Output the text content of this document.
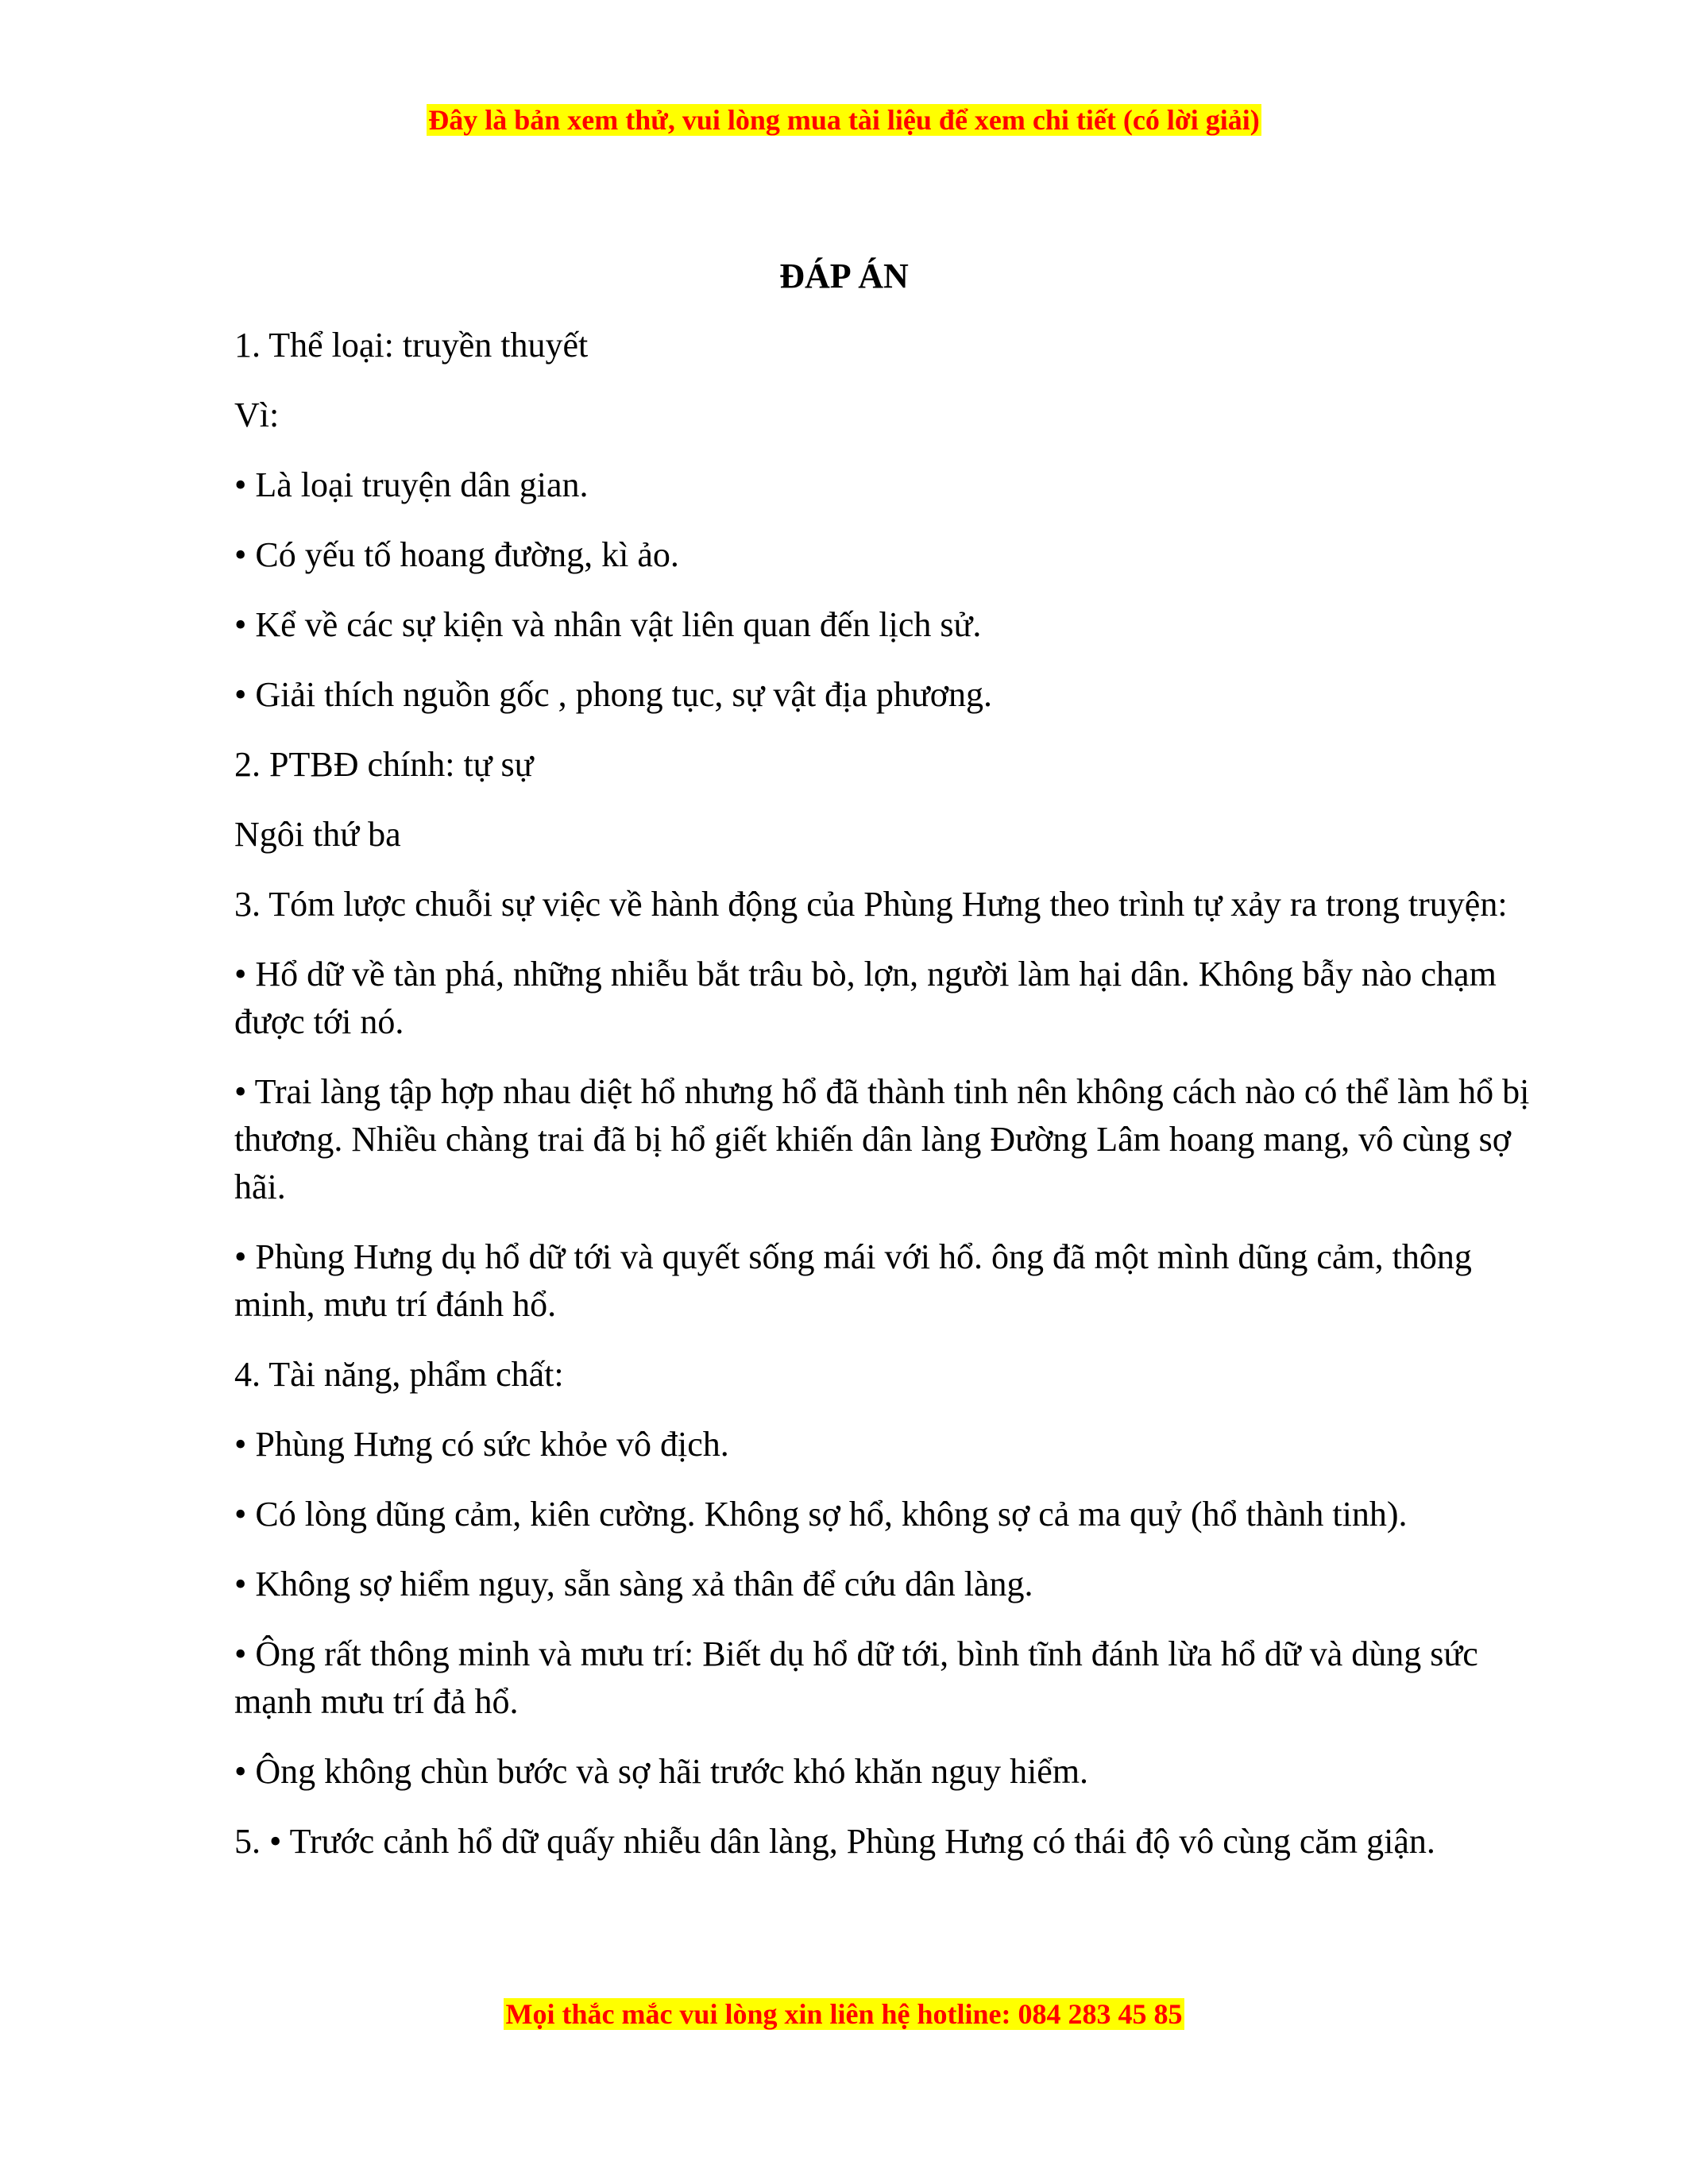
Đây là bản xem thử, vui lòng mua tài liệu để xem chi tiết (có lời giải)
ĐÁP ÁN

1. Thể loại: truyền thuyết

Vì:

• Là loại truyện dân gian.

• Có yếu tố hoang đường, kì ảo.

• Kể về các sự kiện và nhân vật liên quan đến lịch sử.

• Giải thích nguồn gốc , phong tục, sự vật địa phương.

2. PTBĐ chính: tự sự

Ngôi thứ ba

3. Tóm lược chuỗi sự việc về hành động của Phùng Hưng theo trình tự xảy ra trong truyện:

• Hổ dữ về tàn phá, những nhiễu bắt trâu bò, lợn, người làm hại dân. Không bẫy nào chạm được tới nó.

• Trai làng tập hợp nhau diệt hổ nhưng hổ đã thành tinh nên không cách nào có thể làm hổ bị thương. Nhiều chàng trai đã bị hổ giết khiến dân làng Đường Lâm hoang mang, vô cùng sợ hãi.

• Phùng Hưng dụ hổ dữ tới và quyết sống mái với hổ. ông đã một mình dũng cảm, thông minh, mưu trí đánh hổ.

4. Tài năng, phẩm chất:

• Phùng Hưng có sức khỏe vô địch.

• Có lòng dũng cảm, kiên cường. Không sợ hổ, không sợ cả ma quỷ (hổ thành tinh).

• Không sợ hiểm nguy, sẵn sàng xả thân để cứu dân làng.

• Ông rất thông minh và mưu trí: Biết dụ hổ dữ tới, bình tĩnh đánh lừa hổ dữ và dùng sức mạnh mưu trí đả hổ.

• Ông không chùn bước và sợ hãi trước khó khăn nguy hiểm.

5. • Trước cảnh hổ dữ quấy nhiễu dân làng, Phùng Hưng có thái độ vô cùng căm giận.

Mọi thắc mắc vui lòng xin liên hệ hotline: 084 283 45 85
